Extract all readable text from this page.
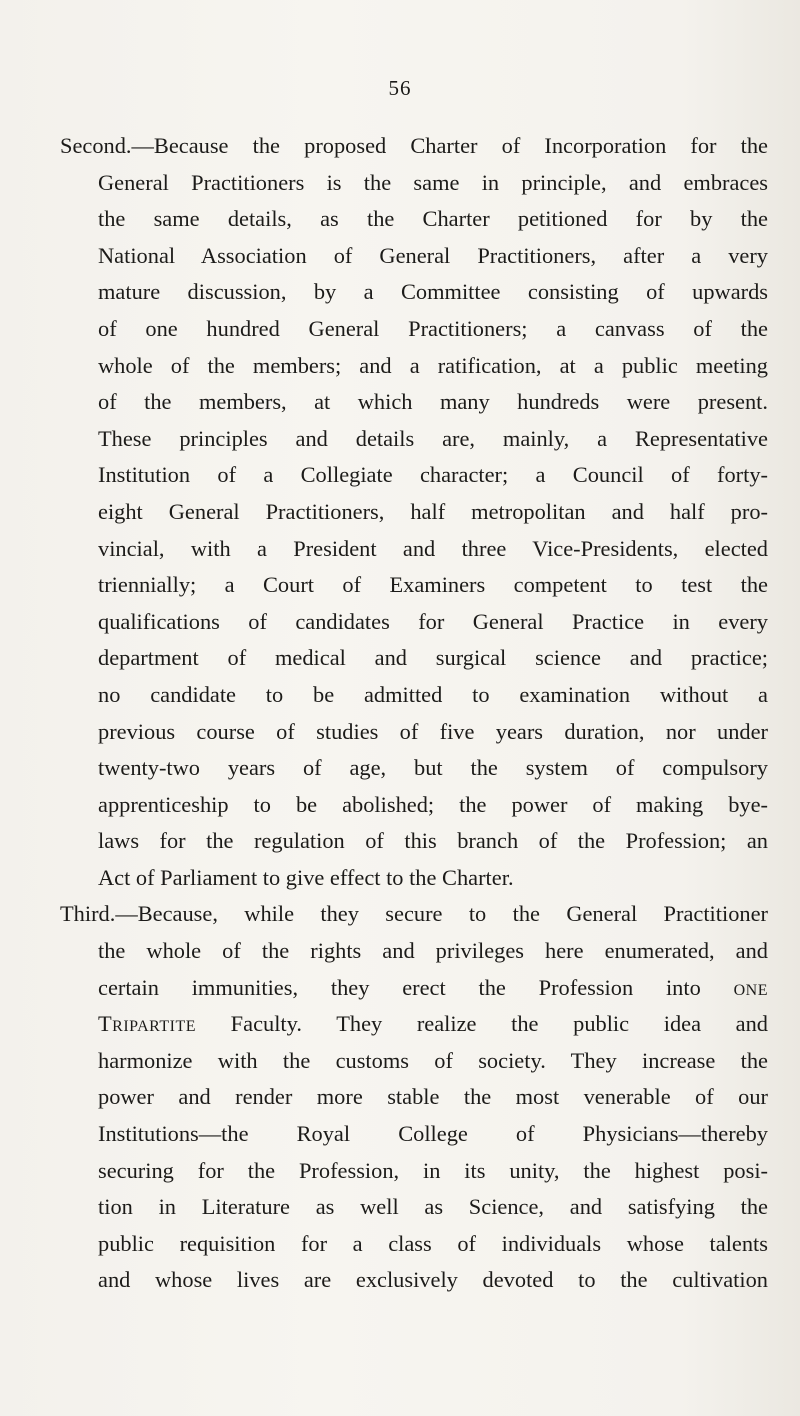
56
Second.—Because the proposed Charter of Incorporation for the
General Practitioners is the same in principle, and embraces
the same details, as the Charter petitioned for by the
National Association of General Practitioners, after a very
mature discussion, by a Committee consisting of upwards
of one hundred General Practitioners; a canvass of the
whole of the members; and a ratification, at a public meeting
of the members, at which many hundreds were present.
These principles and details are, mainly, a Representative
Institution of a Collegiate character; a Council of forty-
eight General Practitioners, half metropolitan and half pro-
vincial, with a President and three Vice-Presidents, elected
triennially; a Court of Examiners competent to test the
qualifications of candidates for General Practice in every
department of medical and surgical science and practice;
no candidate to be admitted to examination without a
previous course of studies of five years duration, nor under
twenty-two years of age, but the system of compulsory
apprenticeship to be abolished; the power of making bye-
laws for the regulation of this branch of the Profession; an
Act of Parliament to give effect to the Charter.
Third.—Because, while they secure to the General Practitioner
the whole of the rights and privileges here enumerated, and
certain immunities, they erect the Profession into one
Tripartite Faculty. They realize the public idea and
harmonize with the customs of society. They increase the
power and render more stable the most venerable of our
Institutions—the Royal College of Physicians—thereby
securing for the Profession, in its unity, the highest posi-
tion in Literature as well as Science, and satisfying the
public requisition for a class of individuals whose talents
and whose lives are exclusively devoted to the cultivation
